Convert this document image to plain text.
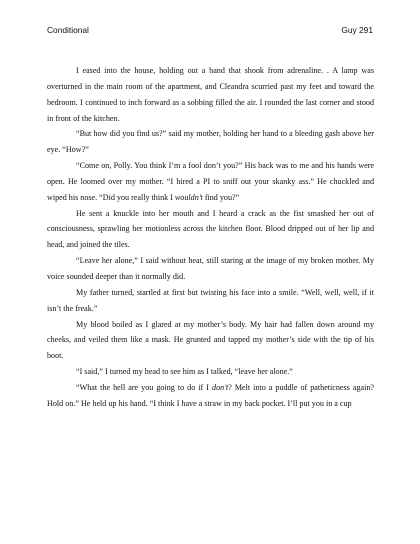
Conditional	Guy 291

I eased into the house, holding out a hand that shook from adrenaline. . A lamp was overturned in the main room of the apartment, and Cleandra scurried past my feet and toward the bedroom. I continued to inch forward as a sobbing filled the air. I rounded the last corner and stood in front of the kitchen.

“But how did you find us?” said my mother, holding her hand to a bleeding gash above her eye. “How?”

“Come on, Polly. You think I’m a fool don’t you?” His back was to me and his hands were open. He loomed over my mother. “I hired a PI to sniff out your skanky ass.” He chuckled and wiped his nose. “Did you really think I wouldn’t find you?”

He sent a knuckle into her mouth and I heard a crack as the fist smashed her out of consciousness, sprawling her motionless across the kitchen floor. Blood dripped out of her lip and head, and joined the tiles.

“Leave her alone,” I said without heat, still staring at the image of my broken mother. My voice sounded deeper than it normally did.

My father turned, startled at first but twisting his face into a smile. “Well, well, well, if it isn’t the freak.”

My blood boiled as I glared at my mother’s body. My hair had fallen down around my cheeks, and veiled them like a mask. He grunted and tapped my mother’s side with the tip of his boot.

“I said,” I turned my head to see him as I talked, “leave her alone.”

“What the hell are you going to do if I don’t? Melt into a puddle of patheticness again? Hold on.” He held up his hand. “I think I have a straw in my back pocket. I’ll put you in a cup
